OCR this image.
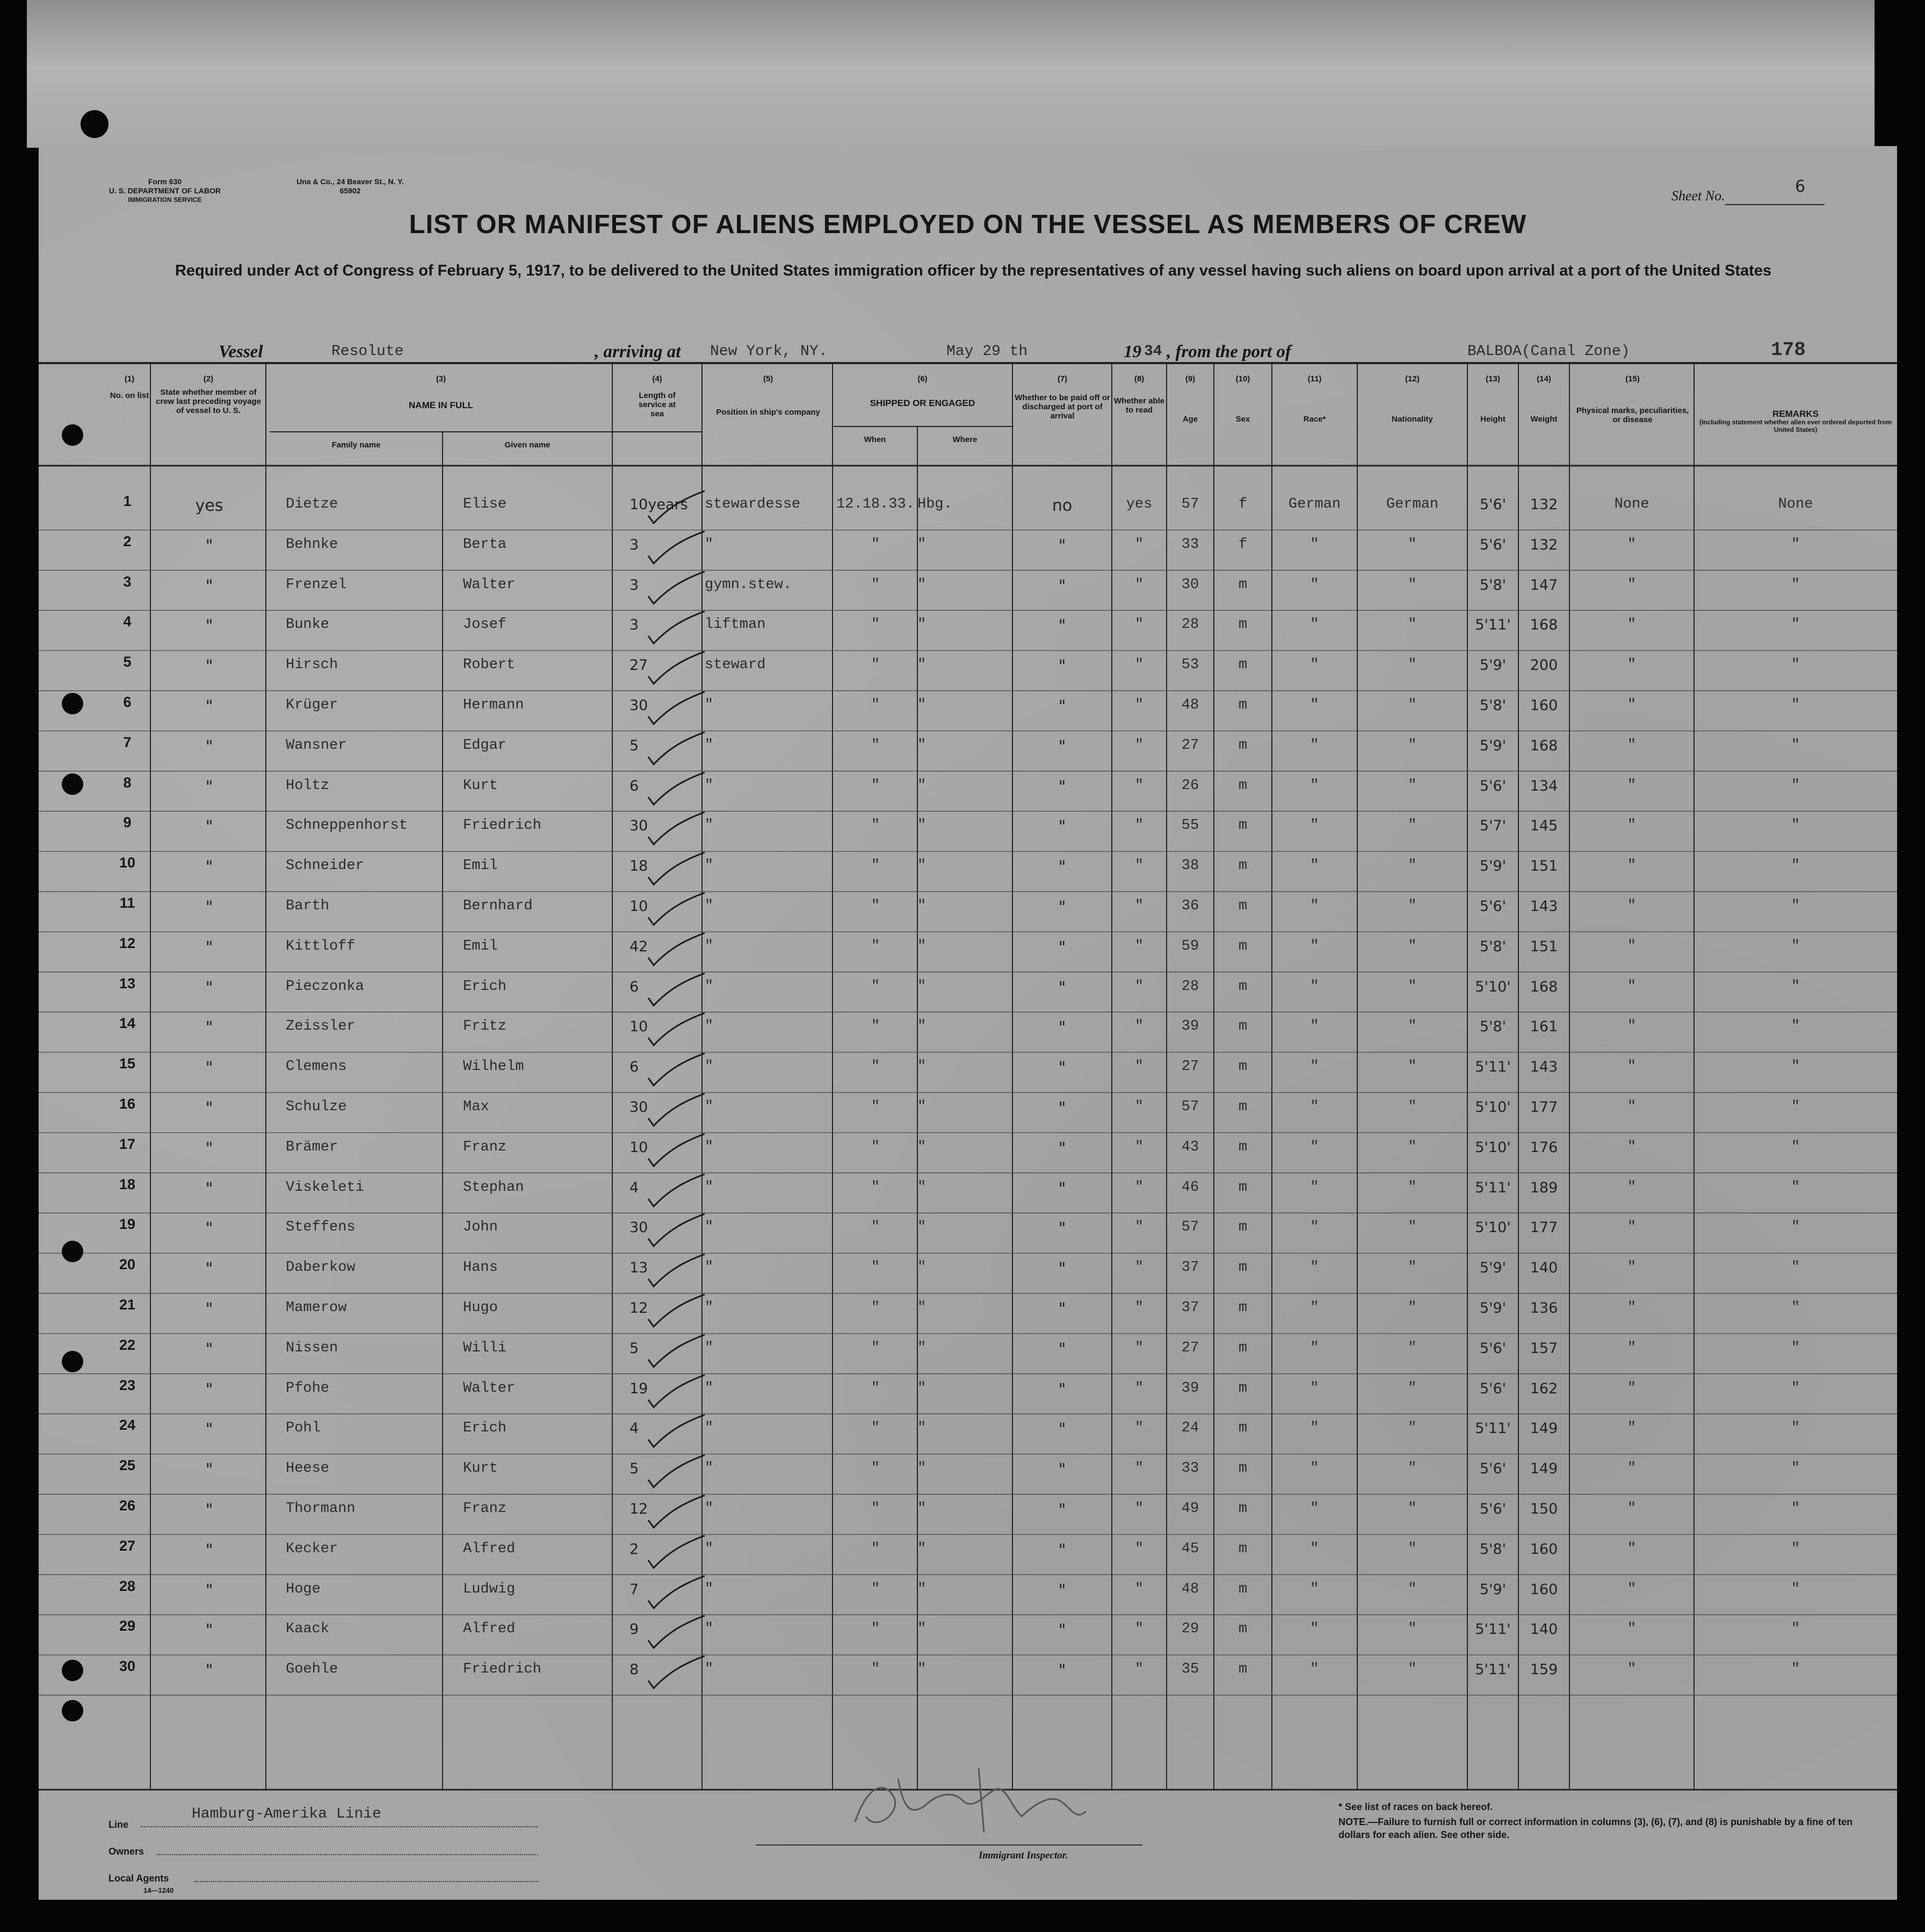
Form 630
U. S. DEPARTMENT OF LABOR
IMMIGRATION SERVICE
Una & Co., 24 Beaver St., N. Y.
65902	Sheet No.	6
LIST OR MANIFEST OF ALIENS EMPLOYED ON THE VESSEL AS MEMBERS OF CREW
Required under Act of Congress of February 5, 1917, to be delivered to the United States immigration officer by the representatives of any vessel having such aliens on board upon arrival at a port of the United States
Vessel	Resolute	, arriving at New York, NY.	May 29 th	19 34 , from the port of	BALBOA(Canal Zone)	178
(1)
No. on list
(2)
State whether member of crew last preceding voyage of vessel to U. S.
(3)
NAME IN FULL
Family name	Given name
(4)
Length of service at sea
(5)
Position in ship's company
(6)
SHIPPED OR ENGAGED
When	Where
(7)
Whether to be paid off or discharged at port of arrival
(8)
Whether able to read
(9)
Age
(10)
Sex
(11)
Race*
(12)
Nationality
(13)
Height
(14)
Weight
(15)
Physical marks, peculiarities, or disease
REMARKS
(Including statement whether alien ever ordered deported from United States)
1	yes	Dietze	Elise	10years	stewardesse	12.18.33. Hbg.	no	yes	57	f	German	German	5'6'	132	None	None
2	"	Behnke	Berta	3	"	"	"	"	"	33	f	"	"	5'6'	132	"	"
3	"	Frenzel	Walter	3	gymn.stew.	"	"	"	"	30	m	"	"	5'8'	147	"	"
4	"	Bunke	Josef	3	liftman	"	"	"	"	28	m	"	"	5'11'	168	"	"
5	"	Hirsch	Robert	27	steward	"	"	"	"	53	m	"	"	5'9'	200	"	"
6	"	Krüger	Hermann	30	"	"	"	"	"	48	m	"	"	5'8'	160	"	"
7	"	Wansner	Edgar	5	"	"	"	"	"	27	m	"	"	5'9'	168	"	"
8	"	Holtz	Kurt	6	"	"	"	"	"	26	m	"	"	5'6'	134	"	"
9	"	Schneppenhorst	Friedrich	30	"	"	"	"	"	55	m	"	"	5'7'	145	"	"
10	"	Schneider	Emil	18	"	"	"	"	"	38	m	"	"	5'9'	151	"	"
11	"	Barth	Bernhard	10	"	"	"	"	"	36	m	"	"	5'6'	143	"	"
12	"	Kittloff	Emil	42	"	"	"	"	"	59	m	"	"	5'8'	151	"	"
13	"	Pieczonka	Erich	6	"	"	"	"	"	28	m	"	"	5'10'	168	"	"
14	"	Zeissler	Fritz	10	"	"	"	"	"	39	m	"	"	5'8'	161	"	"
15	"	Clemens	Wilhelm	6	"	"	"	"	"	27	m	"	"	5'11'	143	"	"
16	"	Schulze	Max	30	"	"	"	"	"	57	m	"	"	5'10'	177	"	"
17	"	Brämer	Franz	10	"	"	"	"	"	43	m	"	"	5'10'	176	"	"
18	"	Viskeleti	Stephan	4	"	"	"	"	"	46	m	"	"	5'11'	189	"	"
19	"	Steffens	John	30	"	"	"	"	"	57	m	"	"	5'10'	177	"	"
20	"	Daberkow	Hans	13	"	"	"	"	"	37	m	"	"	5'9'	140	"	"
21	"	Mamerow	Hugo	12	"	"	"	"	"	37	m	"	"	5'9'	136	"	"
22	"	Nissen	Willi	5	"	"	"	"	"	27	m	"	"	5'6'	157	"	"
23	"	Pfohe	Walter	19	"	"	"	"	"	39	m	"	"	5'6'	162	"	"
24	"	Pohl	Erich	4	"	"	"	"	"	24	m	"	"	5'11'	149	"	"
25	"	Heese	Kurt	5	"	"	"	"	"	33	m	"	"	5'6'	149	"	"
26	"	Thormann	Franz	12	"	"	"	"	"	49	m	"	"	5'6'	150	"	"
27	"	Kecker	Alfred	2	"	"	"	"	"	45	m	"	"	5'8'	160	"	"
28	"	Hoge	Ludwig	7	"	"	"	"	"	48	m	"	"	5'9'	160	"	"
29	"	Kaack	Alfred	9	"	"	"	"	"	29	m	"	"	5'11'	140	"	"
30	"	Goehle	Friedrich	8	"	"	"	"	"	35	m	"	"	5'11'	159	"	"
Line
Hamburg-Amerika Linie
Owners
Local Agents
14—1240
Immigrant Inspector.
* See list of races on back hereof.
NOTE.—Failure to furnish full or correct information in columns (3), (6), (7), and (8) is punishable by a fine of ten dollars for each alien. See other side.
